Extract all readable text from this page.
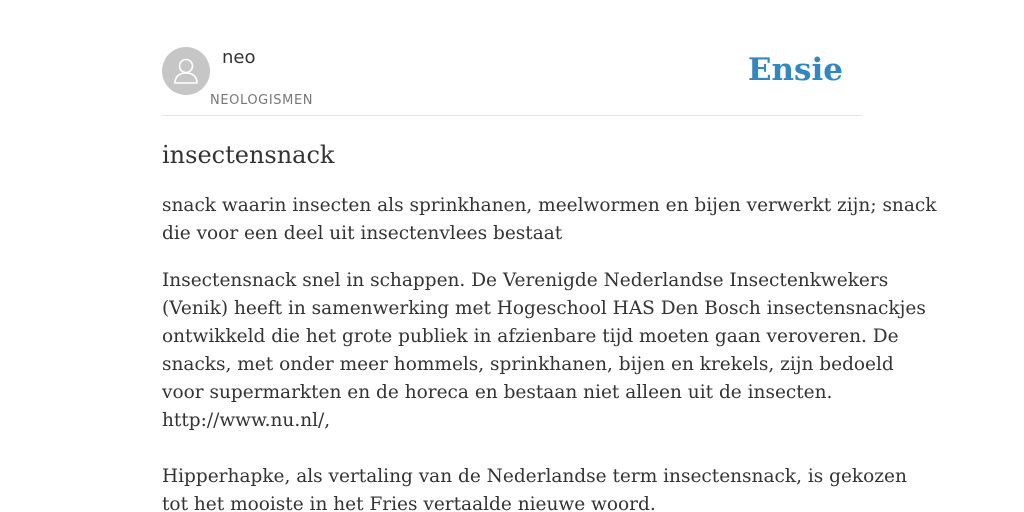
neo
NEOLOGISMEN
Ensie
insectensnack
snack waarin insecten als sprinkhanen, meelwormen en bijen verwerkt zijn; snack
die voor een deel uit insectenvlees bestaat
Insectensnack snel in schappen. De Verenigde Nederlandse Insectenkwekers
(Venik) heeft in samenwerking met Hogeschool HAS Den Bosch insectensnackjes
ontwikkeld die het grote publiek in afzienbare tijd moeten gaan veroveren. De
snacks, met onder meer hommels, sprinkhanen, bijen en krekels, zijn bedoeld
voor supermarkten en de horeca en bestaan niet alleen uit de insecten.
http://www.nu.nl/,
Hipperhapke, als vertaling van de Nederlandse term insectensnack, is gekozen
tot het mooiste in het Fries vertaalde nieuwe woord.
